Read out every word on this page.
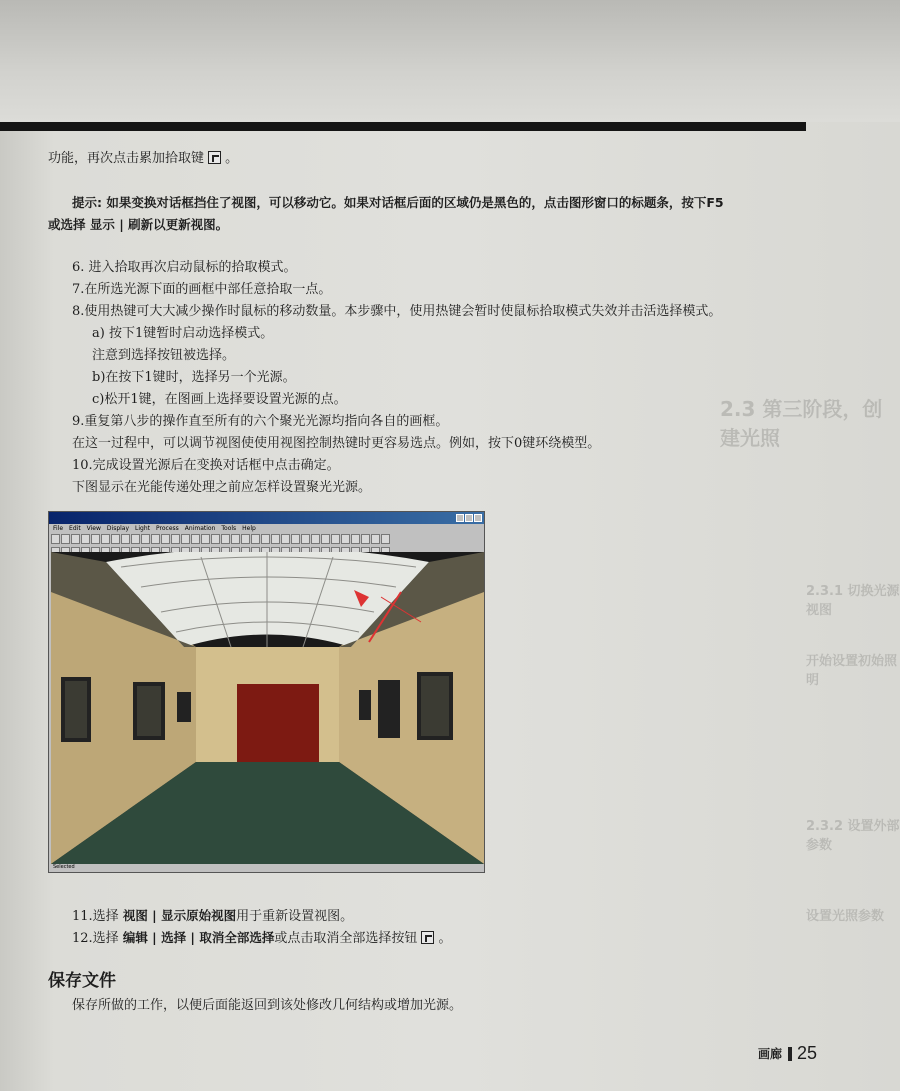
2.3 第三阶段，创建光照
2.3.1 切换光源视图
开始设置初始照明
2.3.2 设置外部参数
设置光照参数
功能，再次点击累加拾取键 。
提示: 如果变换对话框挡住了视图，可以移动它。如果对话框后面的区域仍是黑色的，点击图形窗口的标题条，按下F5
或选择 显示 | 刷新以更新视图。
6. 进入拾取再次启动鼠标的拾取模式。
7.在所选光源下面的画框中部任意拾取一点。
8.使用热键可大大减少操作时鼠标的移动数量。本步骤中，使用热键会暂时使鼠标拾取模式失效并击活选择模式。
a) 按下1键暂时启动选择模式。
注意到选择按钮被选择。
b)在按下1键时，选择另一个光源。
c)松开1键，在图画上选择要设置光源的点。
9.重复第八步的操作直至所有的六个聚光光源均指向各自的画框。
在这一过程中，可以调节视图使使用视图控制热键时更容易选点。例如，按下0键环绕模型。
10.完成设置光源后在变换对话框中点击确定。
下图显示在光能传递处理之前应怎样设置聚光光源。
File Edit View Display Light Process Animation Tools Help
Selected
11.选择 视图 | 显示原始视图用于重新设置视图。
12.选择 编辑 | 选择 | 取消全部选择或点击取消全部选择按钮 。
保存文件
保存所做的工作，以便后面能返回到该处修改几何结构或增加光源。
画廊 25
